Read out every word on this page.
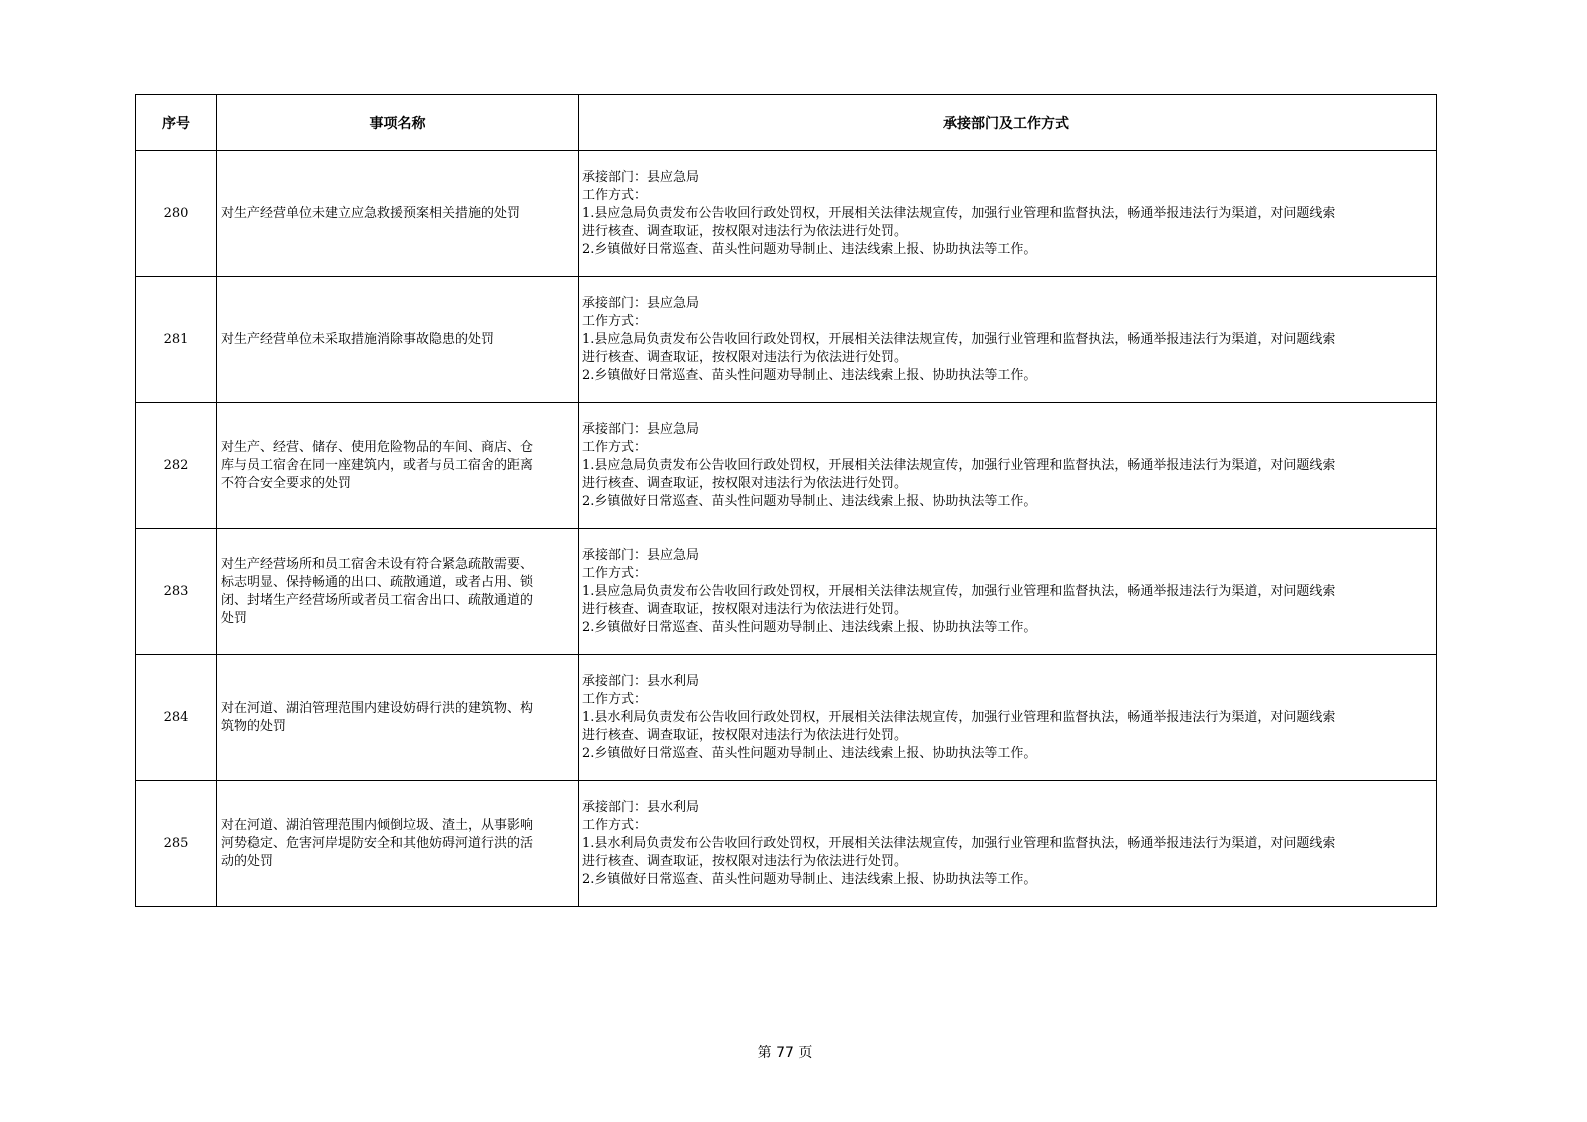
序号	事项名称	承接部门及工作方式
280	对生产经营单位未建立应急救援预案相关措施的处罚	承接部门：县应急局
工作方式：
1.县应急局负责发布公告收回行政处罚权，开展相关法律法规宣传，加强行业管理和监督执法，畅通举报违法行为渠道，对问题线索
进行核查、调查取证，按权限对违法行为依法进行处罚。
2.乡镇做好日常巡查、苗头性问题劝导制止、违法线索上报、协助执法等工作。

281	对生产经营单位未采取措施消除事故隐患的处罚	承接部门：县应急局
工作方式：
1.县应急局负责发布公告收回行政处罚权，开展相关法律法规宣传，加强行业管理和监督执法，畅通举报违法行为渠道，对问题线索
进行核查、调查取证，按权限对违法行为依法进行处罚。
2.乡镇做好日常巡查、苗头性问题劝导制止、违法线索上报、协助执法等工作。

282	对生产、经营、储存、使用危险物品的车间、商店、仓
库与员工宿舍在同一座建筑内，或者与员工宿舍的距离
不符合安全要求的处罚	承接部门：县应急局
工作方式：
1.县应急局负责发布公告收回行政处罚权，开展相关法律法规宣传，加强行业管理和监督执法，畅通举报违法行为渠道，对问题线索
进行核查、调查取证，按权限对违法行为依法进行处罚。
2.乡镇做好日常巡查、苗头性问题劝导制止、违法线索上报、协助执法等工作。

283	对生产经营场所和员工宿舍未设有符合紧急疏散需要、
标志明显、保持畅通的出口、疏散通道，或者占用、锁
闭、封堵生产经营场所或者员工宿舍出口、疏散通道的
处罚	承接部门：县应急局
工作方式：
1.县应急局负责发布公告收回行政处罚权，开展相关法律法规宣传，加强行业管理和监督执法，畅通举报违法行为渠道，对问题线索
进行核查、调查取证，按权限对违法行为依法进行处罚。
2.乡镇做好日常巡查、苗头性问题劝导制止、违法线索上报、协助执法等工作。

284	对在河道、湖泊管理范围内建设妨碍行洪的建筑物、构
筑物的处罚	承接部门：县水利局
工作方式：
1.县水利局负责发布公告收回行政处罚权，开展相关法律法规宣传，加强行业管理和监督执法，畅通举报违法行为渠道，对问题线索
进行核查、调查取证，按权限对违法行为依法进行处罚。
2.乡镇做好日常巡查、苗头性问题劝导制止、违法线索上报、协助执法等工作。

285	对在河道、湖泊管理范围内倾倒垃圾、渣土，从事影响
河势稳定、危害河岸堤防安全和其他妨碍河道行洪的活
动的处罚	承接部门：县水利局
工作方式：
1.县水利局负责发布公告收回行政处罚权，开展相关法律法规宣传，加强行业管理和监督执法，畅通举报违法行为渠道，对问题线索
进行核查、调查取证，按权限对违法行为依法进行处罚。
2.乡镇做好日常巡查、苗头性问题劝导制止、违法线索上报、协助执法等工作。
第 77 页
